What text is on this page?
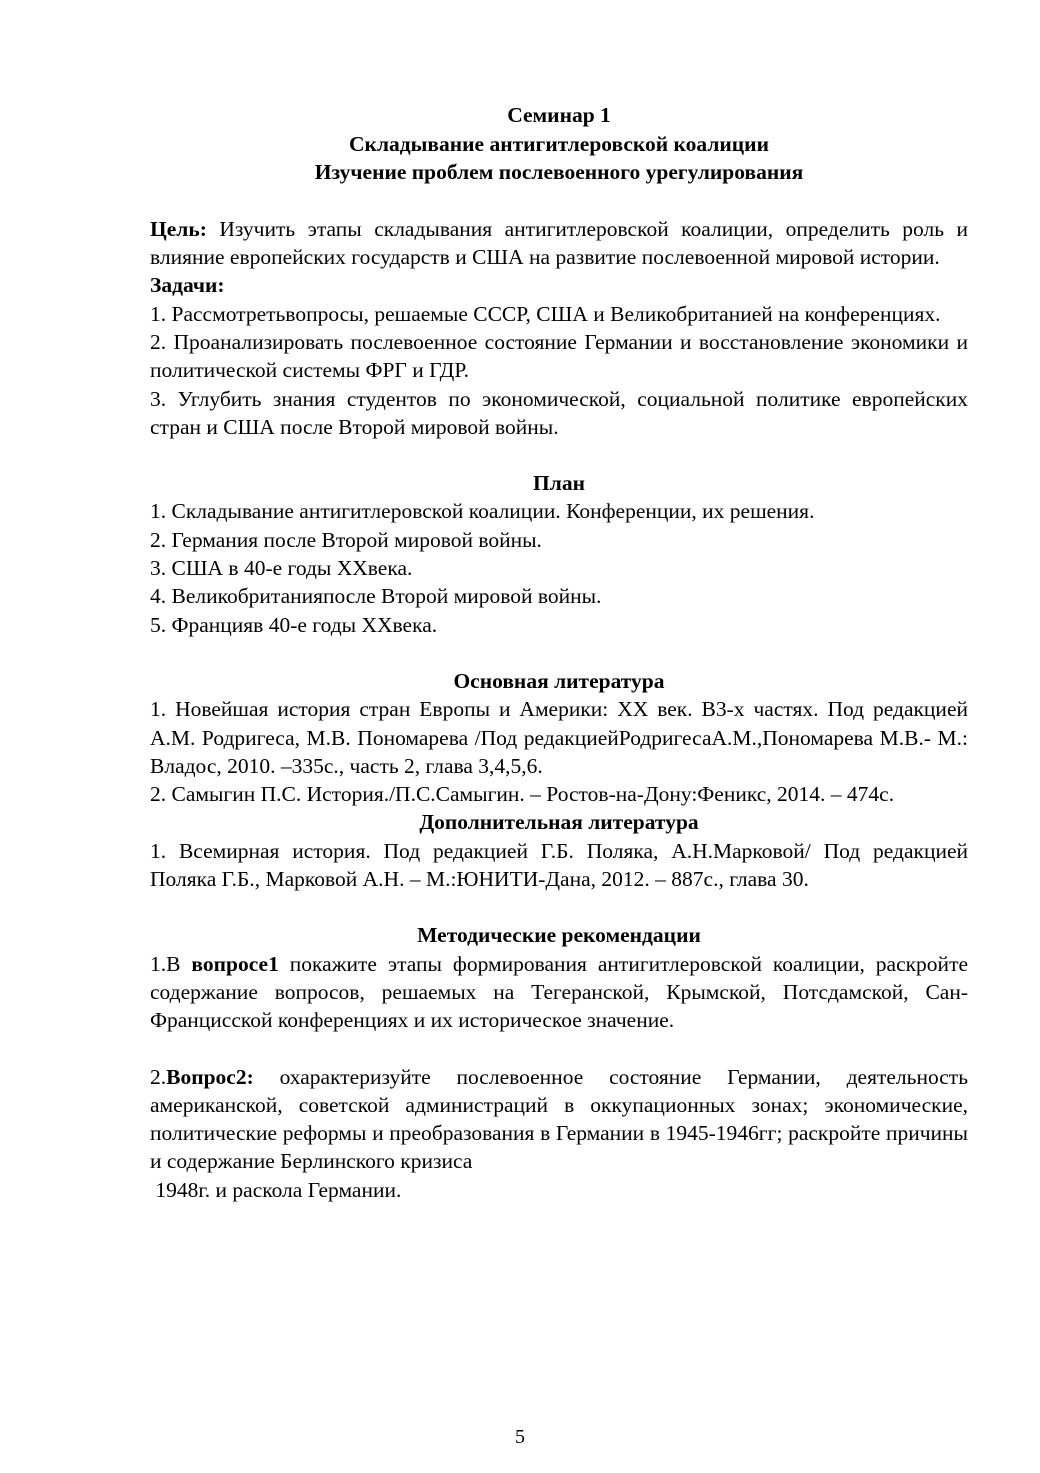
Семинар 1
Складывание антигитлеровской коалиции
Изучение проблем послевоенного урегулирования

Цель: Изучить этапы складывания антигитлеровской коалиции, определить роль и влияние европейских государств и США на развитие послевоенной мировой истории.

Задачи:

1. Рассмотретьвопросы, решаемые СССР, США и Великобританией на конференциях.

2. Проанализировать послевоенное состояние Германии и восстановление экономики и политической системы ФРГ и ГДР.

3. Углубить знания студентов по экономической, социальной политике европейских стран и США после Второй мировой войны.

План

1. Складывание антигитлеровской коалиции. Конференции, их решения.

2. Германия после Второй мировой войны.

3. США в 40-е годы XXвека.

4. Великобританияпосле Второй мировой войны.

5. Францияв 40-е годы XXвека.

Основная литература

1. Новейшая история стран Европы и Америки: XX век. В3-х частях. Под редакцией А.М. Родригеса, М.В. Пономарева /Под редакциейРодригесаА.М.,Пономарева М.В.- М.: Владос, 2010. –335с., часть 2, глава 3,4,5,6.

2. Самыгин П.С. История./П.С.Самыгин. – Ростов-на-Дону:Феникс, 2014. – 474с.

Дополнительная литература

1. Всемирная история. Под редакцией Г.Б. Поляка, А.Н.Марковой/ Под редакцией Поляка Г.Б., Марковой А.Н. – М.:ЮНИТИ-Дана, 2012. – 887с., глава 30.

Методические рекомендации

1.В вопросе1 покажите этапы формирования антигитлеровской коалиции, раскройте содержание вопросов, решаемых на Тегеранской, Крымской, Потсдамской, Сан-Францисской конференциях и их историческое значение.

2.Вопрос2: охарактеризуйте послевоенное состояние Германии, деятельность американской, советской администраций в оккупационных зонах; экономические, политические реформы и преобразования в Германии в 1945-1946гг; раскройте причины и содержание Берлинского кризиса

1948г. и раскола Германии.

5
